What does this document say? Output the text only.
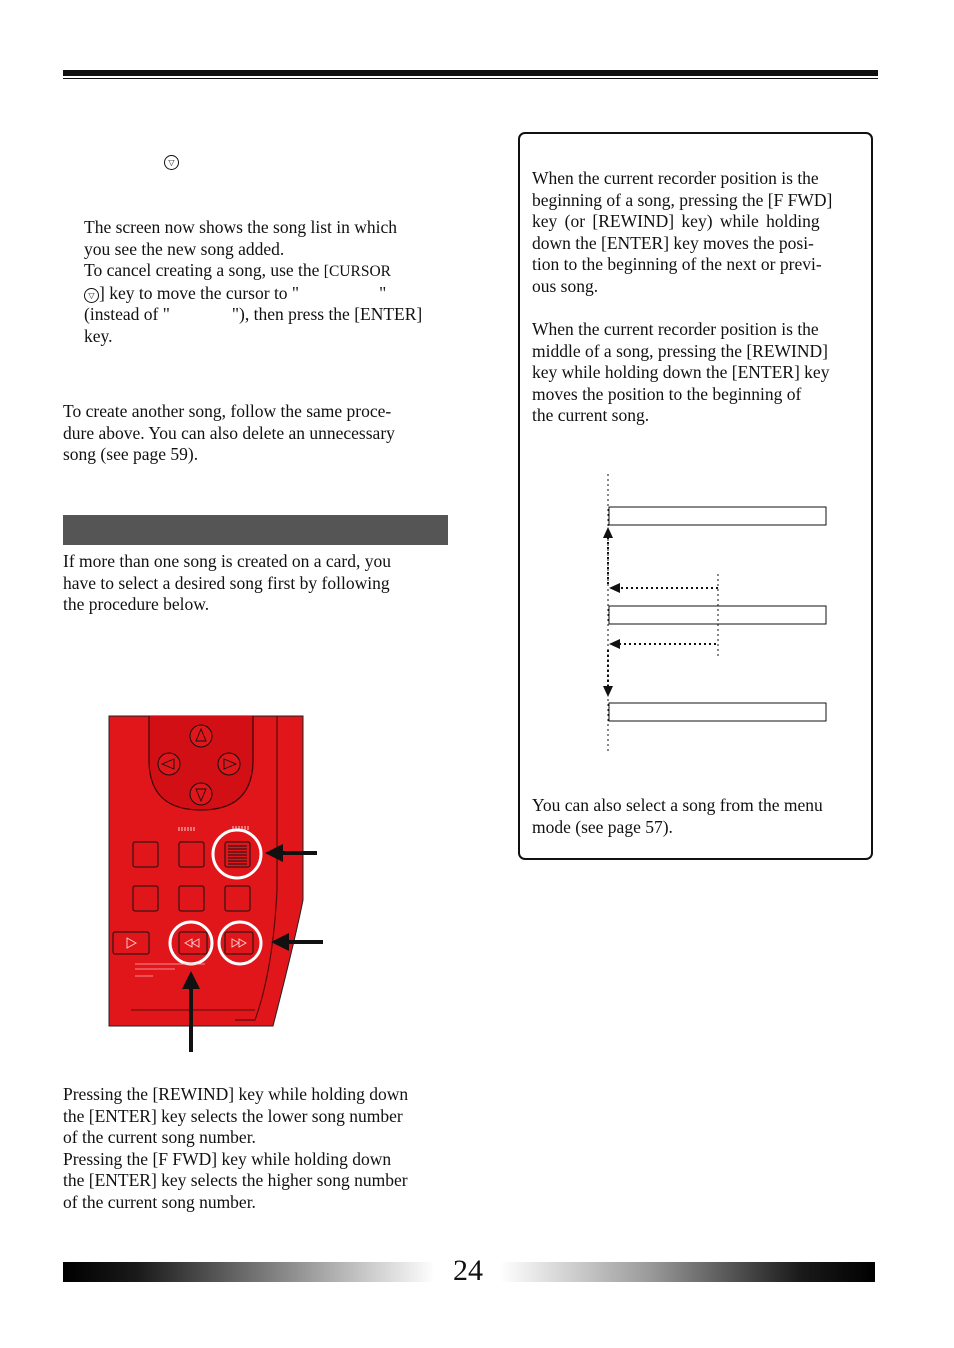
▽

The screen now shows the song list in which

you see the new song added.

To cancel creating a song, use the [CURSOR

▽ ] key to move the cursor to "	"

(instead of "	"), then press the [ENTER]

key.

To create another song, follow the same proce-

dure above. You can also delete an unnecessary

song (see page 59).

If more than one song is created on a card, you

have to select a desired song first by following

the procedure below.

Pressing the [REWIND] key while holding down

the [ENTER] key selects the lower song number

of the current song number.

Pressing the [F FWD] key while holding down

the [ENTER] key selects the higher song number

of the current song number.

When the current recorder position is the

beginning of a song, pressing the [F FWD]

key (or [REWIND] key) while holding

down the [ENTER] key moves the posi-

tion to the beginning of the next or previ-

ous song.

When the current recorder position is the

middle of a song, pressing the [REWIND]

key while holding down the [ENTER] key

moves the position to the beginning of

the current song.

You can also select a song from the menu

mode (see page 57).

24
